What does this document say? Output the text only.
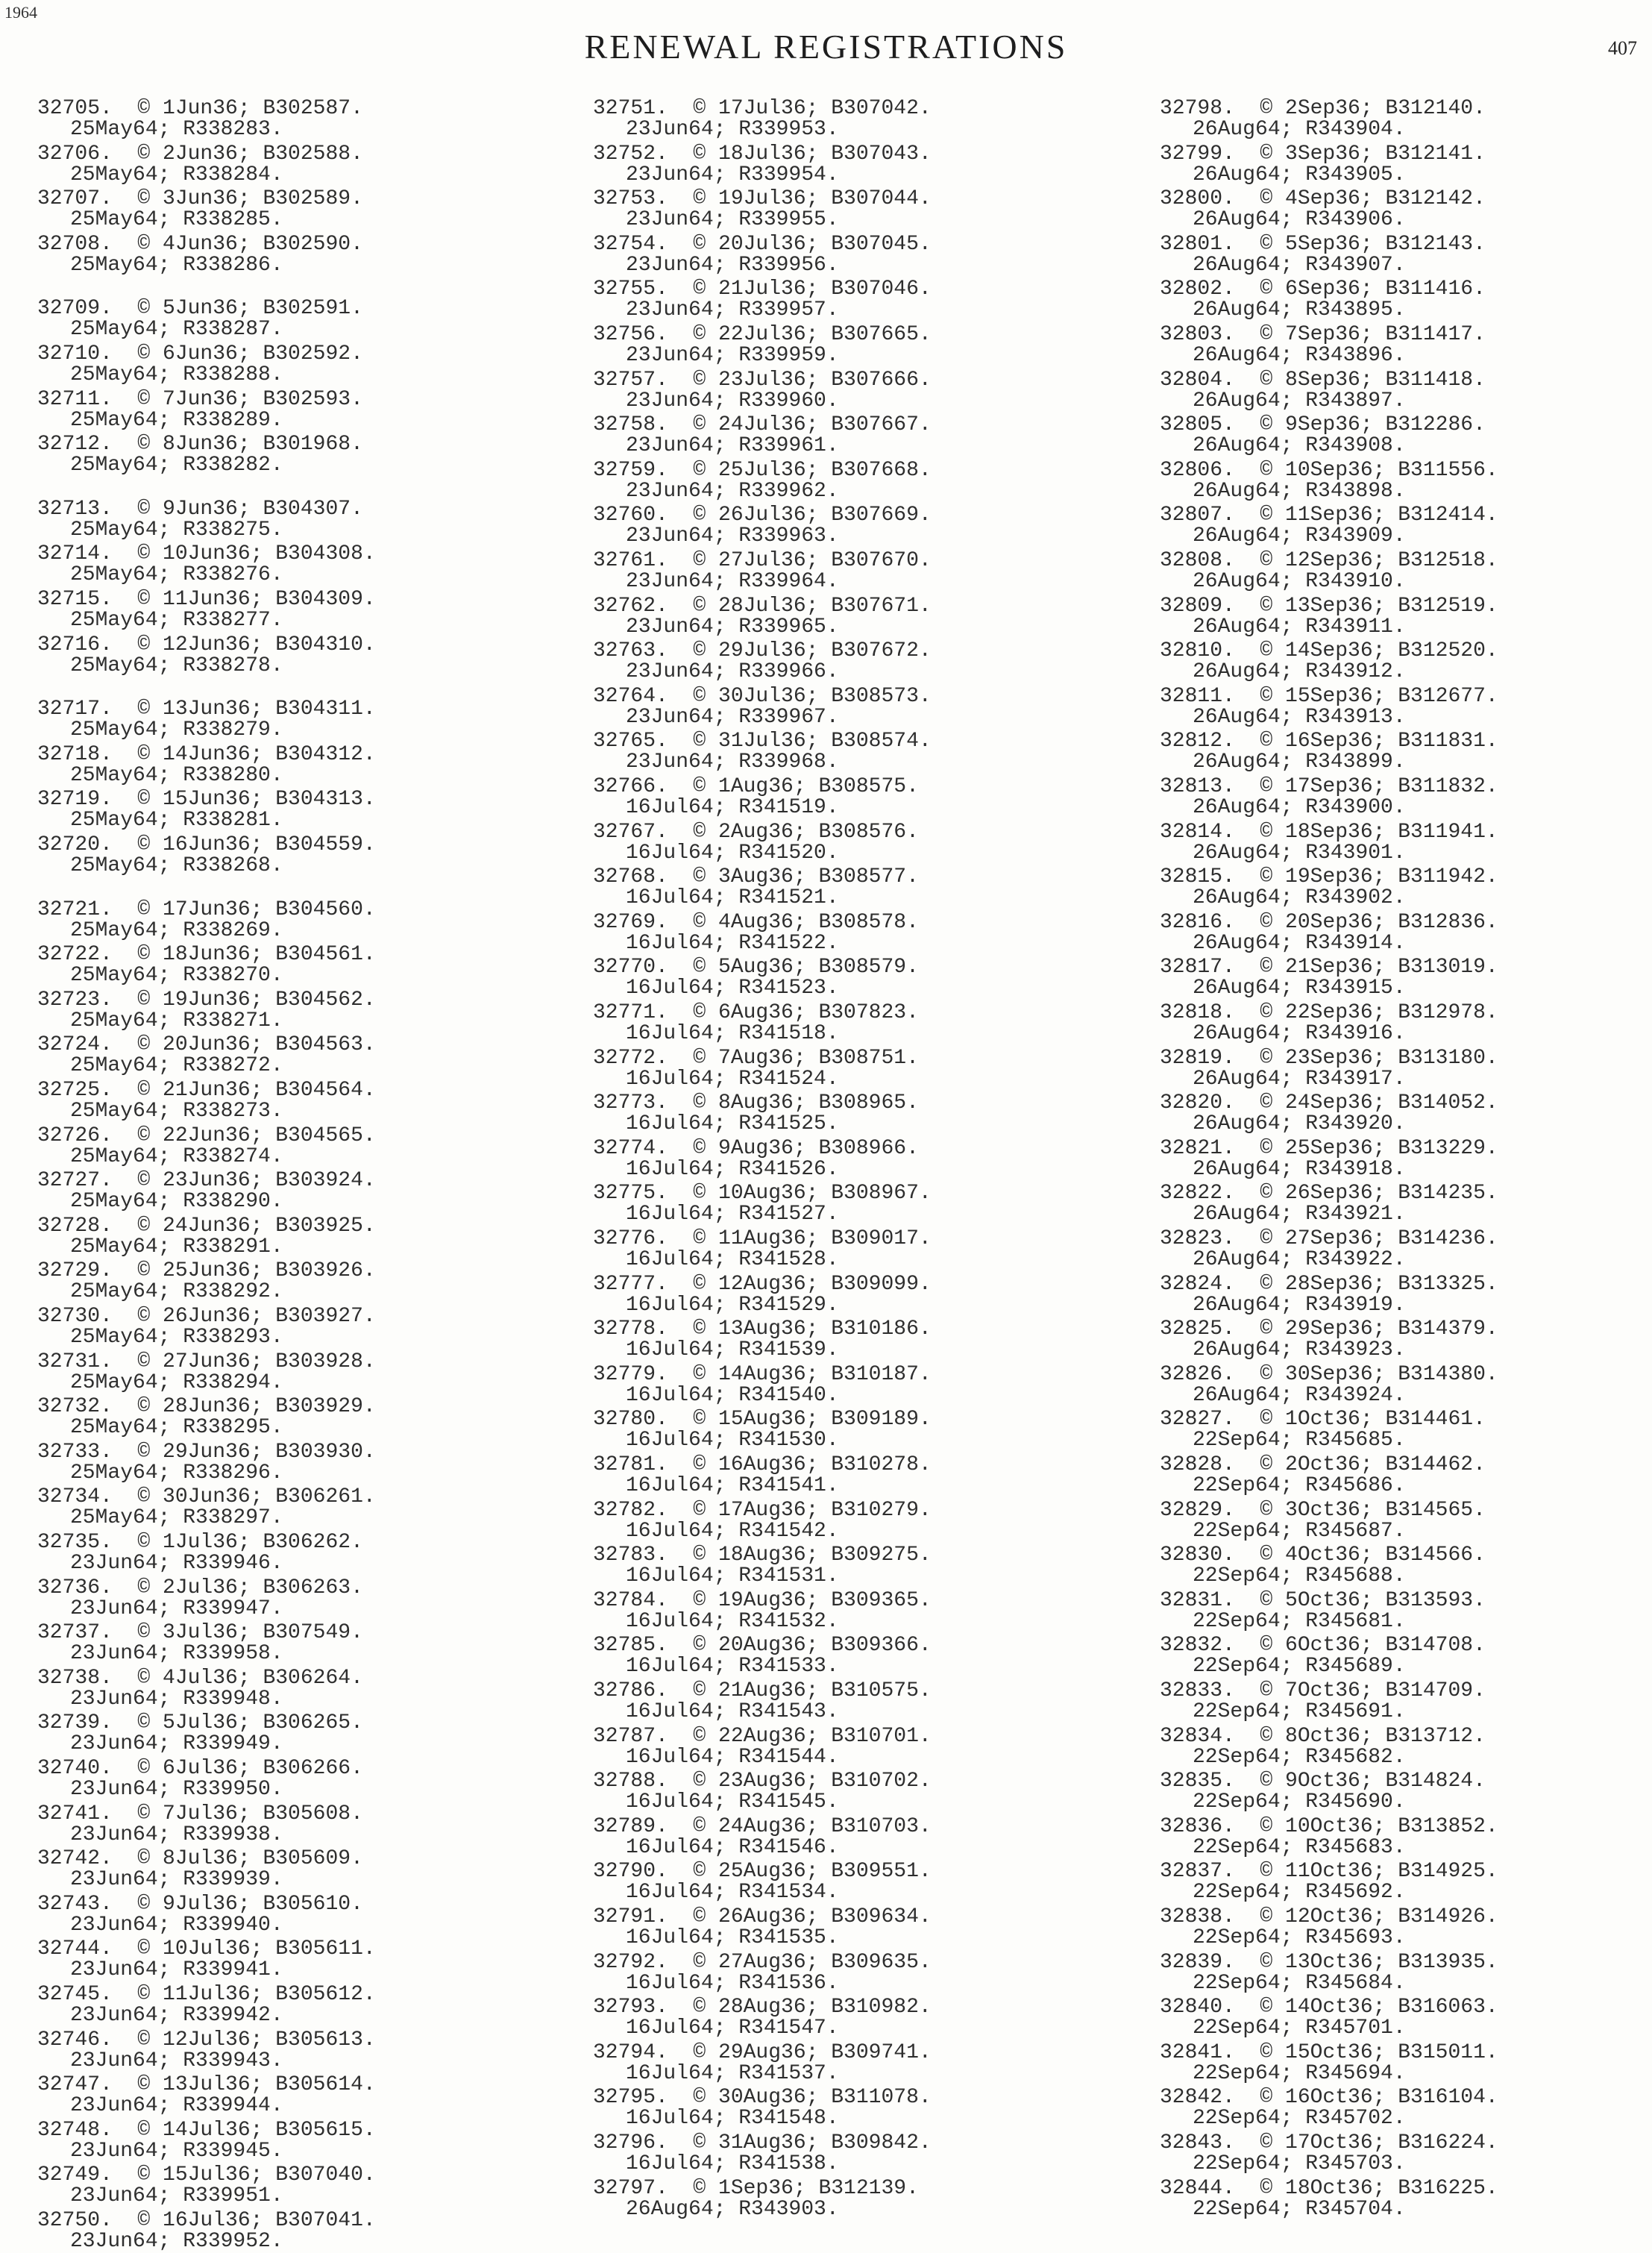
1964
RENEWAL REGISTRATIONS	407
32705.  © 1Jun36; B302587.
25May64; R338283.
32706.  © 2Jun36; B302588.
25May64; R338284.
32707.  © 3Jun36; B302589.
25May64; R338285.
32708.  © 4Jun36; B302590.
25May64; R338286.
32709.  © 5Jun36; B302591.
25May64; R338287.
32710.  © 6Jun36; B302592.
25May64; R338288.
32711.  © 7Jun36; B302593.
25May64; R338289.
32712.  © 8Jun36; B301968.
25May64; R338282.
32713.  © 9Jun36; B304307.
25May64; R338275.
32714.  © 10Jun36; B304308.
25May64; R338276.
32715.  © 11Jun36; B304309.
25May64; R338277.
32716.  © 12Jun36; B304310.
25May64; R338278.
32717.  © 13Jun36; B304311.
25May64; R338279.
32718.  © 14Jun36; B304312.
25May64; R338280.
32719.  © 15Jun36; B304313.
25May64; R338281.
32720.  © 16Jun36; B304559.
25May64; R338268.
32721.  © 17Jun36; B304560.
25May64; R338269.
32722.  © 18Jun36; B304561.
25May64; R338270.
32723.  © 19Jun36; B304562.
25May64; R338271.
32724.  © 20Jun36; B304563.
25May64; R338272.
32725.  © 21Jun36; B304564.
25May64; R338273.
32726.  © 22Jun36; B304565.
25May64; R338274.
32727.  © 23Jun36; B303924.
25May64; R338290.
32728.  © 24Jun36; B303925.
25May64; R338291.
32729.  © 25Jun36; B303926.
25May64; R338292.
32730.  © 26Jun36; B303927.
25May64; R338293.
32731.  © 27Jun36; B303928.
25May64; R338294.
32732.  © 28Jun36; B303929.
25May64; R338295.
32733.  © 29Jun36; B303930.
25May64; R338296.
32734.  © 30Jun36; B306261.
25May64; R338297.
32735.  © 1Jul36; B306262.
23Jun64; R339946.
32736.  © 2Jul36; B306263.
23Jun64; R339947.
32737.  © 3Jul36; B307549.
23Jun64; R339958.
32738.  © 4Jul36; B306264.
23Jun64; R339948.
32739.  © 5Jul36; B306265.
23Jun64; R339949.
32740.  © 6Jul36; B306266.
23Jun64; R339950.
32741.  © 7Jul36; B305608.
23Jun64; R339938.
32742.  © 8Jul36; B305609.
23Jun64; R339939.
32743.  © 9Jul36; B305610.
23Jun64; R339940.
32744.  © 10Jul36; B305611.
23Jun64; R339941.
32745.  © 11Jul36; B305612.
23Jun64; R339942.
32746.  © 12Jul36; B305613.
23Jun64; R339943.
32747.  © 13Jul36; B305614.
23Jun64; R339944.
32748.  © 14Jul36; B305615.
23Jun64; R339945.
32749.  © 15Jul36; B307040.
23Jun64; R339951.
32750.  © 16Jul36; B307041.
23Jun64; R339952.
32751.  © 17Jul36; B307042.
23Jun64; R339953.
32752.  © 18Jul36; B307043.
23Jun64; R339954.
32753.  © 19Jul36; B307044.
23Jun64; R339955.
32754.  © 20Jul36; B307045.
23Jun64; R339956.
32755.  © 21Jul36; B307046.
23Jun64; R339957.
32756.  © 22Jul36; B307665.
23Jun64; R339959.
32757.  © 23Jul36; B307666.
23Jun64; R339960.
32758.  © 24Jul36; B307667.
23Jun64; R339961.
32759.  © 25Jul36; B307668.
23Jun64; R339962.
32760.  © 26Jul36; B307669.
23Jun64; R339963.
32761.  © 27Jul36; B307670.
23Jun64; R339964.
32762.  © 28Jul36; B307671.
23Jun64; R339965.
32763.  © 29Jul36; B307672.
23Jun64; R339966.
32764.  © 30Jul36; B308573.
23Jun64; R339967.
32765.  © 31Jul36; B308574.
23Jun64; R339968.
32766.  © 1Aug36; B308575.
16Jul64; R341519.
32767.  © 2Aug36; B308576.
16Jul64; R341520.
32768.  © 3Aug36; B308577.
16Jul64; R341521.
32769.  © 4Aug36; B308578.
16Jul64; R341522.
32770.  © 5Aug36; B308579.
16Jul64; R341523.
32771.  © 6Aug36; B307823.
16Jul64; R341518.
32772.  © 7Aug36; B308751.
16Jul64; R341524.
32773.  © 8Aug36; B308965.
16Jul64; R341525.
32774.  © 9Aug36; B308966.
16Jul64; R341526.
32775.  © 10Aug36; B308967.
16Jul64; R341527.
32776.  © 11Aug36; B309017.
16Jul64; R341528.
32777.  © 12Aug36; B309099.
16Jul64; R341529.
32778.  © 13Aug36; B310186.
16Jul64; R341539.
32779.  © 14Aug36; B310187.
16Jul64; R341540.
32780.  © 15Aug36; B309189.
16Jul64; R341530.
32781.  © 16Aug36; B310278.
16Jul64; R341541.
32782.  © 17Aug36; B310279.
16Jul64; R341542.
32783.  © 18Aug36; B309275.
16Jul64; R341531.
32784.  © 19Aug36; B309365.
16Jul64; R341532.
32785.  © 20Aug36; B309366.
16Jul64; R341533.
32786.  © 21Aug36; B310575.
16Jul64; R341543.
32787.  © 22Aug36; B310701.
16Jul64; R341544.
32788.  © 23Aug36; B310702.
16Jul64; R341545.
32789.  © 24Aug36; B310703.
16Jul64; R341546.
32790.  © 25Aug36; B309551.
16Jul64; R341534.
32791.  © 26Aug36; B309634.
16Jul64; R341535.
32792.  © 27Aug36; B309635.
16Jul64; R341536.
32793.  © 28Aug36; B310982.
16Jul64; R341547.
32794.  © 29Aug36; B309741.
16Jul64; R341537.
32795.  © 30Aug36; B311078.
16Jul64; R341548.
32796.  © 31Aug36; B309842.
16Jul64; R341538.
32797.  © 1Sep36; B312139.
26Aug64; R343903.
32798.  © 2Sep36; B312140.
26Aug64; R343904.
32799.  © 3Sep36; B312141.
26Aug64; R343905.
32800.  © 4Sep36; B312142.
26Aug64; R343906.
32801.  © 5Sep36; B312143.
26Aug64; R343907.
32802.  © 6Sep36; B311416.
26Aug64; R343895.
32803.  © 7Sep36; B311417.
26Aug64; R343896.
32804.  © 8Sep36; B311418.
26Aug64; R343897.
32805.  © 9Sep36; B312286.
26Aug64; R343908.
32806.  © 10Sep36; B311556.
26Aug64; R343898.
32807.  © 11Sep36; B312414.
26Aug64; R343909.
32808.  © 12Sep36; B312518.
26Aug64; R343910.
32809.  © 13Sep36; B312519.
26Aug64; R343911.
32810.  © 14Sep36; B312520.
26Aug64; R343912.
32811.  © 15Sep36; B312677.
26Aug64; R343913.
32812.  © 16Sep36; B311831.
26Aug64; R343899.
32813.  © 17Sep36; B311832.
26Aug64; R343900.
32814.  © 18Sep36; B311941.
26Aug64; R343901.
32815.  © 19Sep36; B311942.
26Aug64; R343902.
32816.  © 20Sep36; B312836.
26Aug64; R343914.
32817.  © 21Sep36; B313019.
26Aug64; R343915.
32818.  © 22Sep36; B312978.
26Aug64; R343916.
32819.  © 23Sep36; B313180.
26Aug64; R343917.
32820.  © 24Sep36; B314052.
26Aug64; R343920.
32821.  © 25Sep36; B313229.
26Aug64; R343918.
32822.  © 26Sep36; B314235.
26Aug64; R343921.
32823.  © 27Sep36; B314236.
26Aug64; R343922.
32824.  © 28Sep36; B313325.
26Aug64; R343919.
32825.  © 29Sep36; B314379.
26Aug64; R343923.
32826.  © 30Sep36; B314380.
26Aug64; R343924.
32827.  © 1Oct36; B314461.
22Sep64; R345685.
32828.  © 2Oct36; B314462.
22Sep64; R345686.
32829.  © 3Oct36; B314565.
22Sep64; R345687.
32830.  © 4Oct36; B314566.
22Sep64; R345688.
32831.  © 5Oct36; B313593.
22Sep64; R345681.
32832.  © 6Oct36; B314708.
22Sep64; R345689.
32833.  © 7Oct36; B314709.
22Sep64; R345691.
32834.  © 8Oct36; B313712.
22Sep64; R345682.
32835.  © 9Oct36; B314824.
22Sep64; R345690.
32836.  © 10Oct36; B313852.
22Sep64; R345683.
32837.  © 11Oct36; B314925.
22Sep64; R345692.
32838.  © 12Oct36; B314926.
22Sep64; R345693.
32839.  © 13Oct36; B313935.
22Sep64; R345684.
32840.  © 14Oct36; B316063.
22Sep64; R345701.
32841.  © 15Oct36; B315011.
22Sep64; R345694.
32842.  © 16Oct36; B316104.
22Sep64; R345702.
32843.  © 17Oct36; B316224.
22Sep64; R345703.
32844.  © 18Oct36; B316225.
22Sep64; R345704.
